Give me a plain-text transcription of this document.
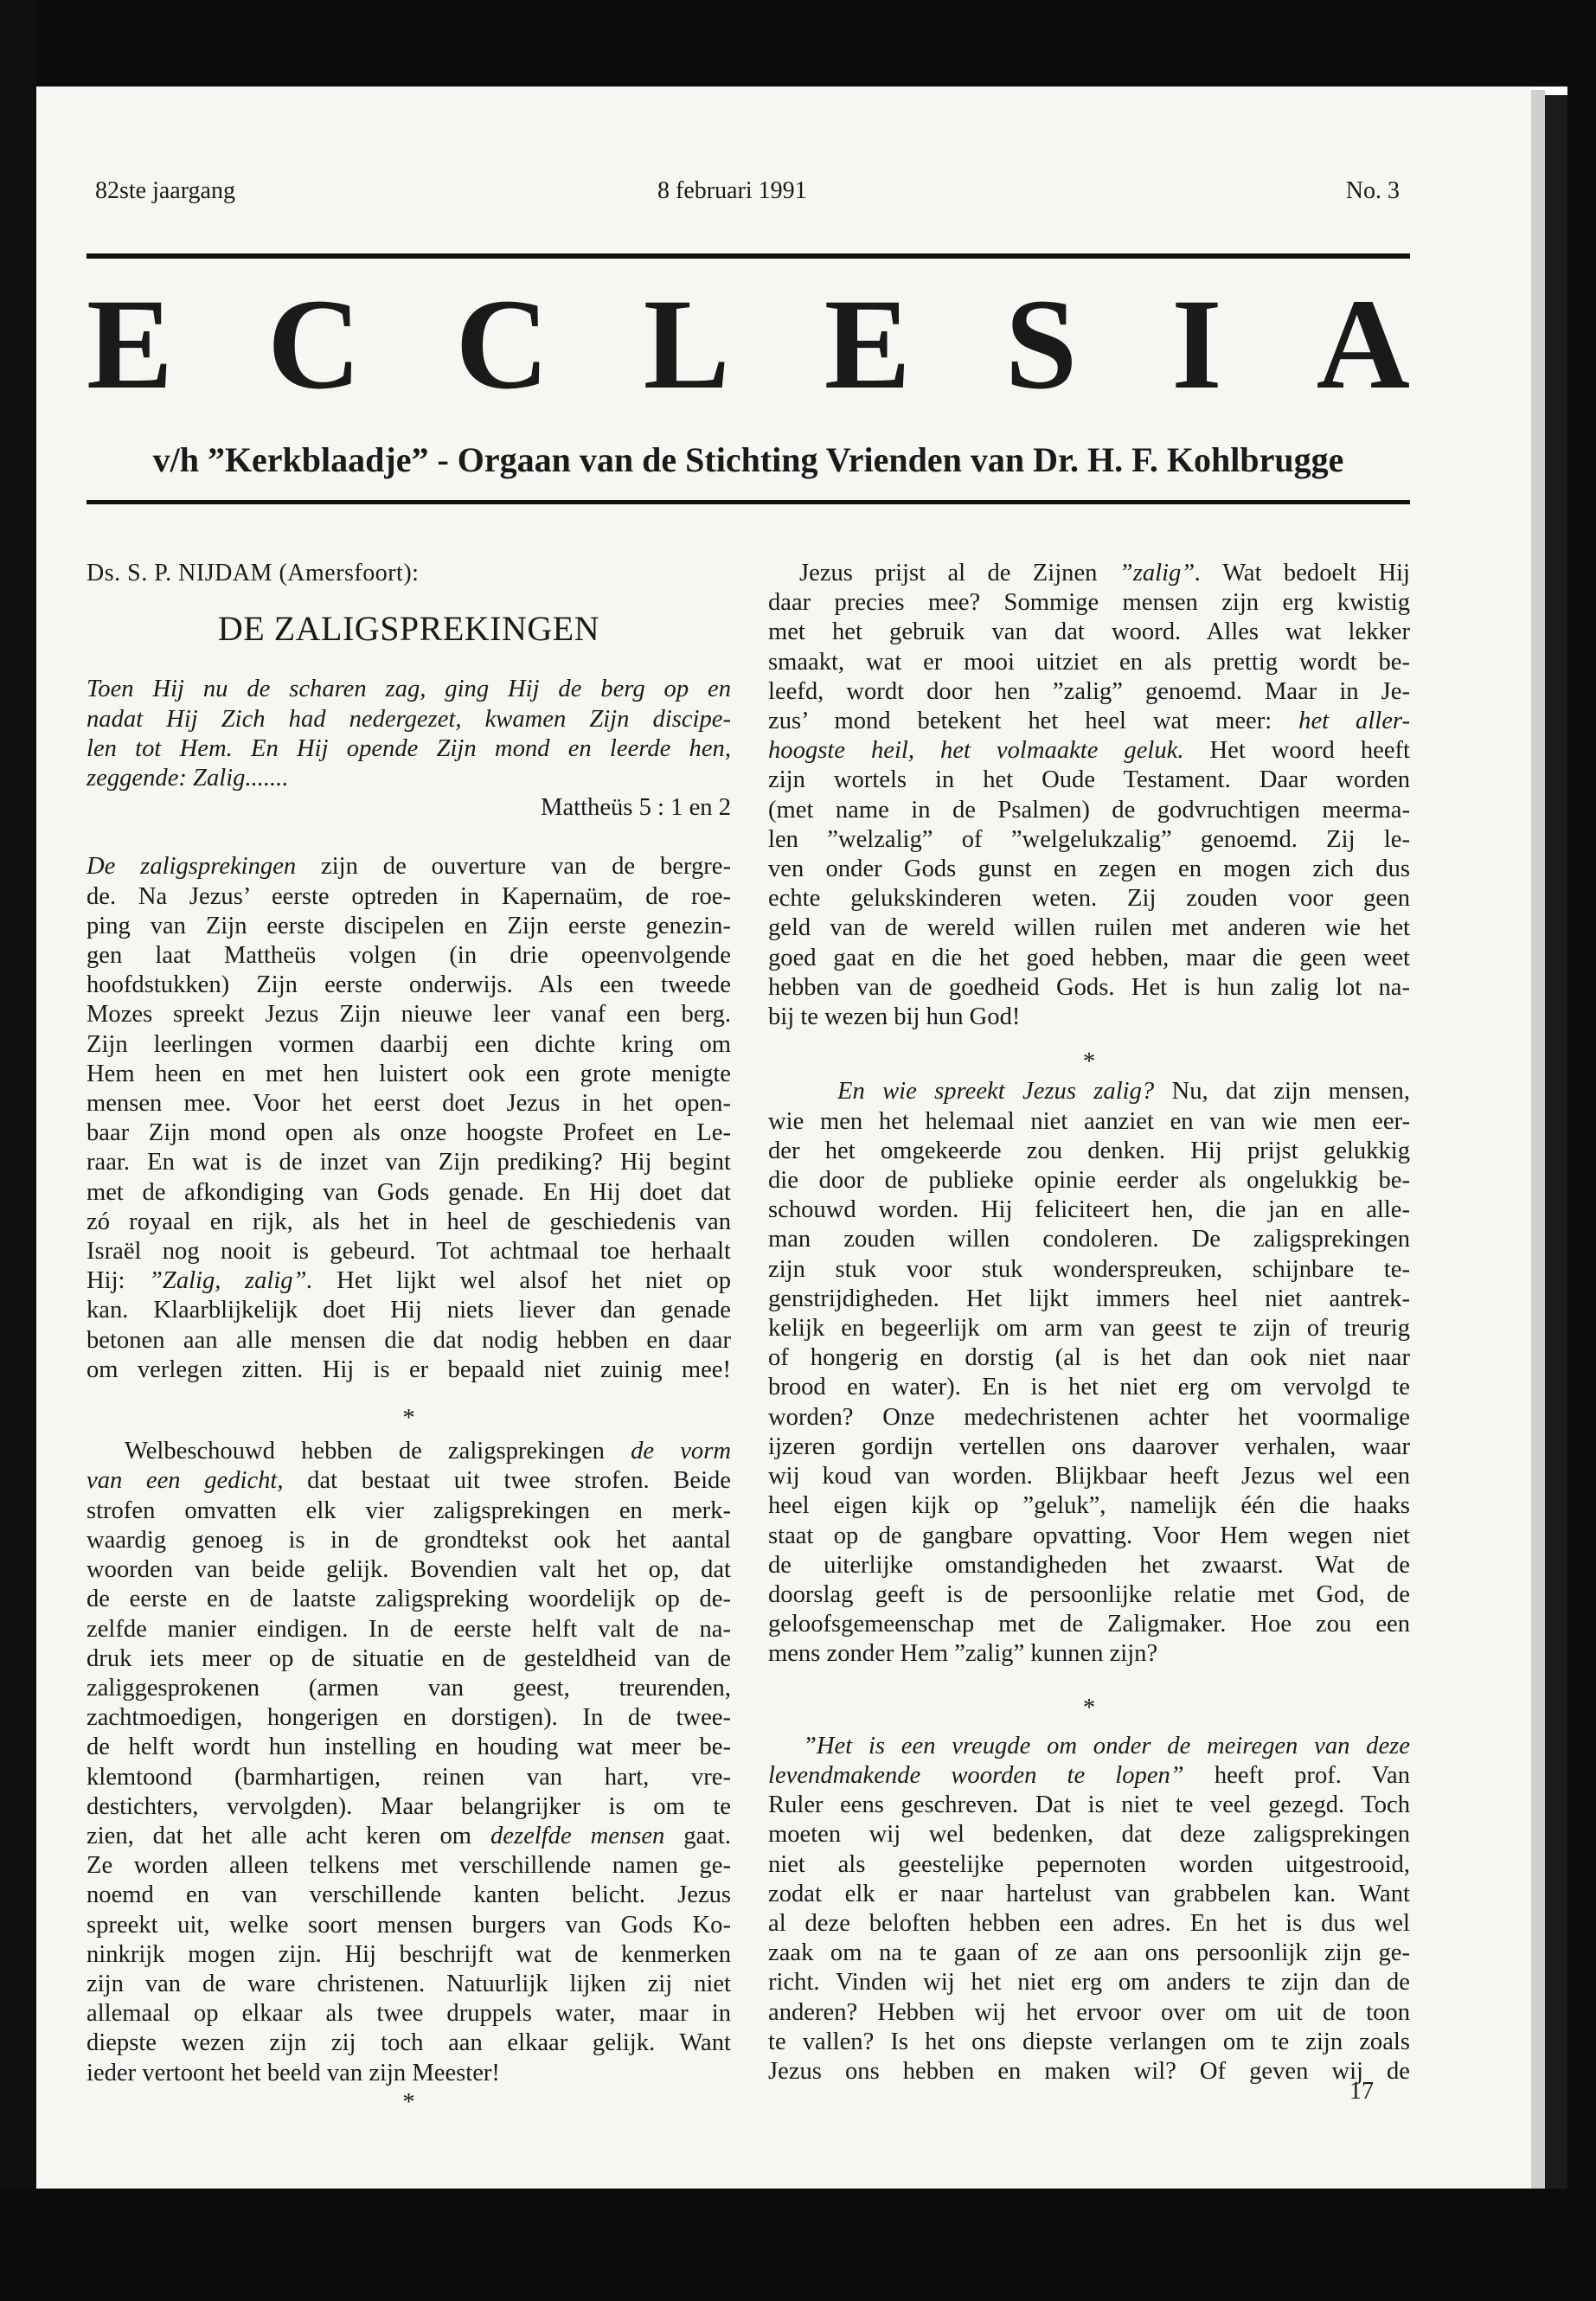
82ste jaargang	8 februari 1991	No. 3
E C C L E S I A
v/h ”Kerkblaadje” - Orgaan van de Stichting Vrienden van Dr. H. F. Kohlbrugge

Ds. S. P. NIJDAM (Amersfoort):

DE ZALIGSPREKINGEN

Toen Hij nu de scharen zag, ging Hij de berg op en

nadat Hij Zich had nedergezet, kwamen Zijn discipe-

len tot Hem. En Hij opende Zijn mond en leerde hen,

zeggende: Zalig.......

Mattheüs 5 : 1 en 2

De zaligsprekingen zijn de ouverture van de bergre-

de. Na Jezus’ eerste optreden in Kapernaüm, de roe-

ping van Zijn eerste discipelen en Zijn eerste genezin-

gen laat Mattheüs volgen (in drie opeenvolgende

hoofdstukken) Zijn eerste onderwijs. Als een tweede

Mozes spreekt Jezus Zijn nieuwe leer vanaf een berg.

Zijn leerlingen vormen daarbij een dichte kring om

Hem heen en met hen luistert ook een grote menigte

mensen mee. Voor het eerst doet Jezus in het open-

baar Zijn mond open als onze hoogste Profeet en Le-

raar. En wat is de inzet van Zijn prediking? Hij begint

met de afkondiging van Gods genade. En Hij doet dat

zó royaal en rijk, als het in heel de geschiedenis van

Israël nog nooit is gebeurd. Tot achtmaal toe herhaalt

Hij: ”Zalig, zalig”. Het lijkt wel alsof het niet op

kan. Klaarblijkelijk doet Hij niets liever dan genade

betonen aan alle mensen die dat nodig hebben en daar

om verlegen zitten. Hij is er bepaald niet zuinig mee!

*

Welbeschouwd hebben de zaligsprekingen de vorm

van een gedicht, dat bestaat uit twee strofen. Beide

strofen omvatten elk vier zaligsprekingen en merk-

waardig genoeg is in de grondtekst ook het aantal

woorden van beide gelijk. Bovendien valt het op, dat

de eerste en de laatste zaligspreking woordelijk op de-

zelfde manier eindigen. In de eerste helft valt de na-

druk iets meer op de situatie en de gesteldheid van de

zaliggesprokenen (armen van geest, treurenden,

zachtmoedigen, hongerigen en dorstigen). In de twee-

de helft wordt hun instelling en houding wat meer be-

klemtoond (barmhartigen, reinen van hart, vre-

destichters, vervolgden). Maar belangrijker is om te

zien, dat het alle acht keren om dezelfde mensen gaat.

Ze worden alleen telkens met verschillende namen ge-

noemd en van verschillende kanten belicht. Jezus

spreekt uit, welke soort mensen burgers van Gods Ko-

ninkrijk mogen zijn. Hij beschrijft wat de kenmerken

zijn van de ware christenen. Natuurlijk lijken zij niet

allemaal op elkaar als twee druppels water, maar in

diepste wezen zijn zij toch aan elkaar gelijk. Want

ieder vertoont het beeld van zijn Meester!

*

Jezus prijst al de Zijnen ”zalig”. Wat bedoelt Hij

daar precies mee? Sommige mensen zijn erg kwistig

met het gebruik van dat woord. Alles wat lekker

smaakt, wat er mooi uitziet en als prettig wordt be-

leefd, wordt door hen ”zalig” genoemd. Maar in Je-

zus’ mond betekent het heel wat meer: het aller-

hoogste heil, het volmaakte geluk. Het woord heeft

zijn wortels in het Oude Testament. Daar worden

(met name in de Psalmen) de godvruchtigen meerma-

len ”welzalig” of ”welgelukzalig” genoemd. Zij le-

ven onder Gods gunst en zegen en mogen zich dus

echte gelukskinderen weten. Zij zouden voor geen

geld van de wereld willen ruilen met anderen wie het

goed gaat en die het goed hebben, maar die geen weet

hebben van de goedheid Gods. Het is hun zalig lot na-

bij te wezen bij hun God!

*

En wie spreekt Jezus zalig? Nu, dat zijn mensen,

wie men het helemaal niet aanziet en van wie men eer-

der het omgekeerde zou denken. Hij prijst gelukkig

die door de publieke opinie eerder als ongelukkig be-

schouwd worden. Hij feliciteert hen, die jan en alle-

man zouden willen condoleren. De zaligsprekingen

zijn stuk voor stuk wonderspreuken, schijnbare te-

genstrijdigheden. Het lijkt immers heel niet aantrek-

kelijk en begeerlijk om arm van geest te zijn of treurig

of hongerig en dorstig (al is het dan ook niet naar

brood en water). En is het niet erg om vervolgd te

worden? Onze medechristenen achter het voormalige

ijzeren gordijn vertellen ons daarover verhalen, waar

wij koud van worden. Blijkbaar heeft Jezus wel een

heel eigen kijk op ”geluk”, namelijk één die haaks

staat op de gangbare opvatting. Voor Hem wegen niet

de uiterlijke omstandigheden het zwaarst. Wat de

doorslag geeft is de persoonlijke relatie met God, de

geloofsgemeenschap met de Zaligmaker. Hoe zou een

mens zonder Hem ”zalig” kunnen zijn?

*

”Het is een vreugde om onder de meiregen van deze

levendmakende woorden te lopen” heeft prof. Van

Ruler eens geschreven. Dat is niet te veel gezegd. Toch

moeten wij wel bedenken, dat deze zaligsprekingen

niet als geestelijke pepernoten worden uitgestrooid,

zodat elk er naar hartelust van grabbelen kan. Want

al deze beloften hebben een adres. En het is dus wel

zaak om na te gaan of ze aan ons persoonlijk zijn ge-

richt. Vinden wij het niet erg om anders te zijn dan de

anderen? Hebben wij het ervoor over om uit de toon

te vallen? Is het ons diepste verlangen om te zijn zoals

Jezus ons hebben en maken wil? Of geven wij de

17
